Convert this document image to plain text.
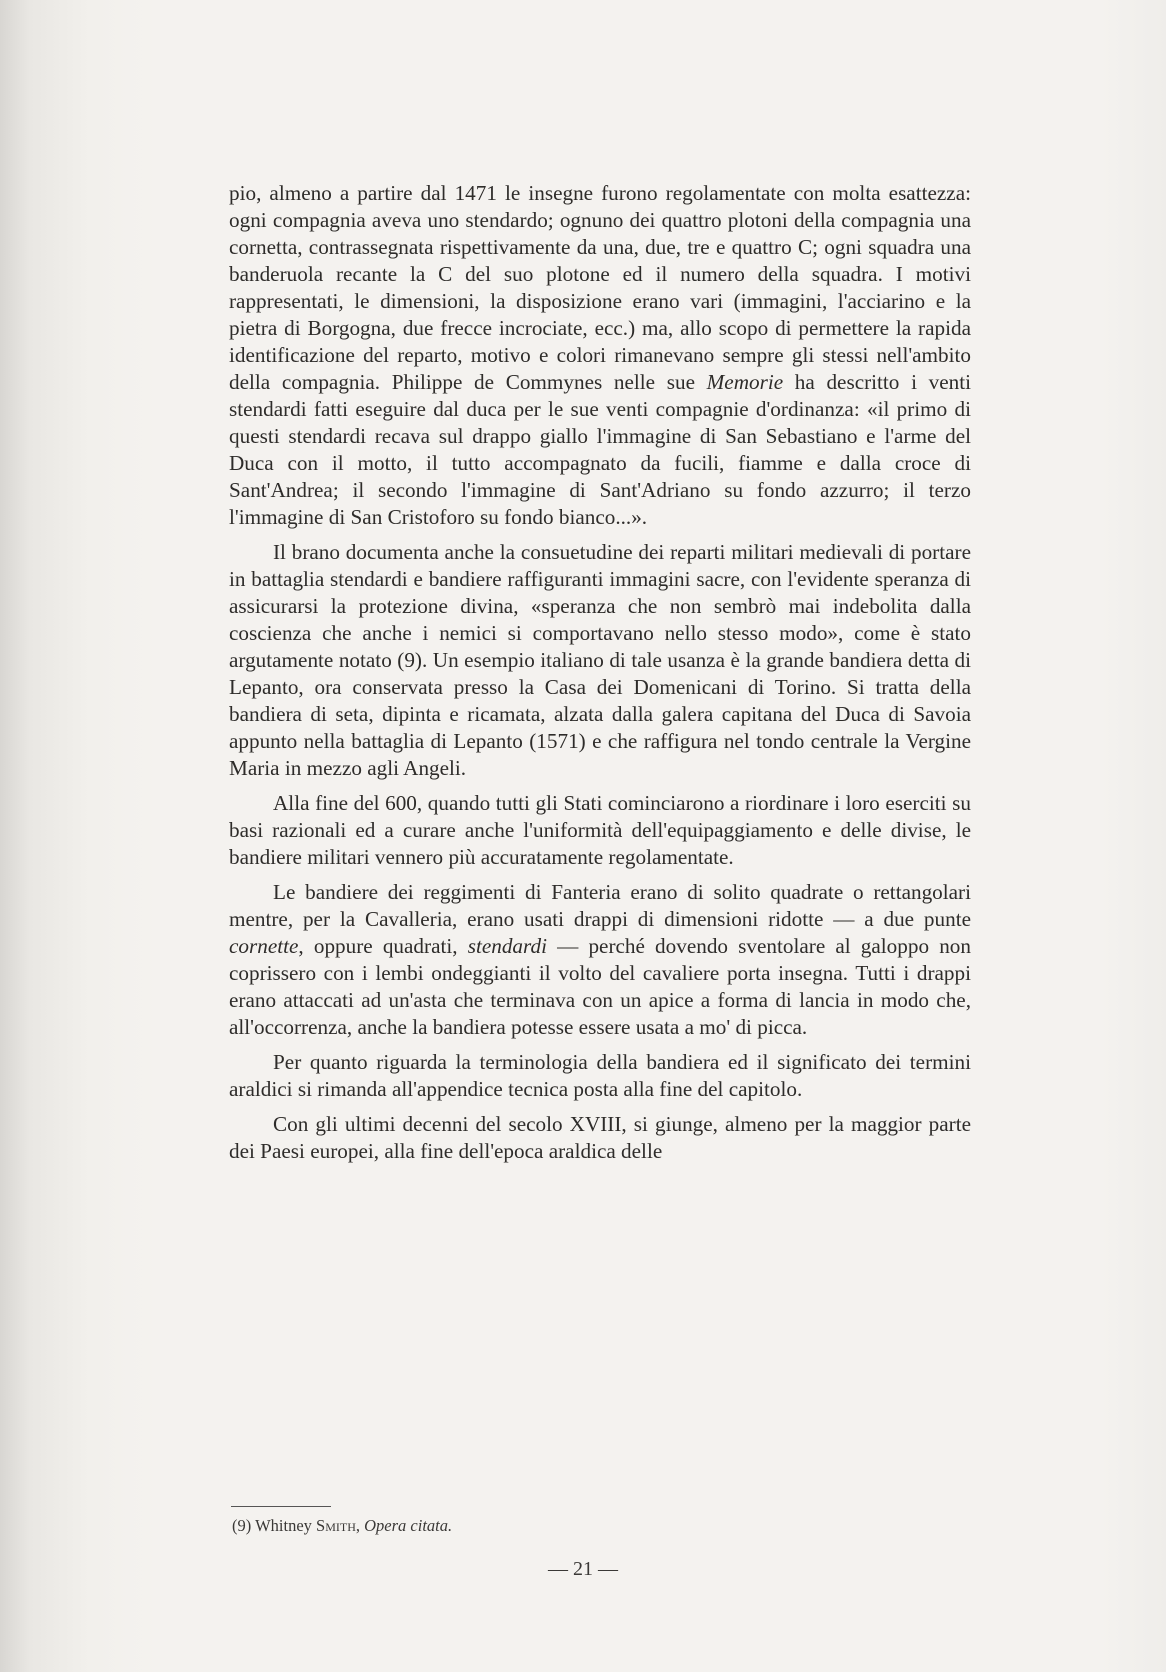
pio, almeno a partire dal 1471 le insegne furono regolamentate con molta esattezza: ogni compagnia aveva uno stendardo; ognuno dei quattro plotoni della compagnia una cornetta, contrassegnata rispettivamente da una, due, tre e quattro C; ogni squadra una banderuola recante la C del suo plotone ed il numero della squadra. I motivi rappresentati, le dimensioni, la disposizione erano vari (immagini, l'acciarino e la pietra di Borgogna, due frecce incrociate, ecc.) ma, allo scopo di permettere la rapida identificazione del reparto, motivo e colori rimanevano sempre gli stessi nell'ambito della compagnia. Philippe de Commynes nelle sue Memorie ha descritto i venti stendardi fatti eseguire dal duca per le sue venti compagnie d'ordinanza: «il primo di questi stendardi recava sul drappo giallo l'immagine di San Sebastiano e l'arme del Duca con il motto, il tutto accompagnato da fucili, fiamme e dalla croce di Sant'Andrea; il secondo l'immagine di Sant'Adriano su fondo azzurro; il terzo l'immagine di San Cristoforo su fondo bianco...».

Il brano documenta anche la consuetudine dei reparti militari medievali di portare in battaglia stendardi e bandiere raffiguranti immagini sacre, con l'evidente speranza di assicurarsi la protezione divina, «speranza che non sembrò mai indebolita dalla coscienza che anche i nemici si comportavano nello stesso modo», come è stato argutamente notato (9). Un esempio italiano di tale usanza è la grande bandiera detta di Lepanto, ora conservata presso la Casa dei Domenicani di Torino. Si tratta della bandiera di seta, dipinta e ricamata, alzata dalla galera capitana del Duca di Savoia appunto nella battaglia di Lepanto (1571) e che raffigura nel tondo centrale la Vergine Maria in mezzo agli Angeli.

Alla fine del 600, quando tutti gli Stati cominciarono a riordinare i loro eserciti su basi razionali ed a curare anche l'uniformità dell'equipaggiamento e delle divise, le bandiere militari vennero più accuratamente regolamentate.

Le bandiere dei reggimenti di Fanteria erano di solito quadrate o rettangolari mentre, per la Cavalleria, erano usati drappi di dimensioni ridotte — a due punte cornette, oppure quadrati, stendardi — perché dovendo sventolare al galoppo non coprissero con i lembi ondeggianti il volto del cavaliere porta insegna. Tutti i drappi erano attaccati ad un'asta che terminava con un apice a forma di lancia in modo che, all'occorrenza, anche la bandiera potesse essere usata a mo' di picca.

Per quanto riguarda la terminologia della bandiera ed il significato dei termini araldici si rimanda all'appendice tecnica posta alla fine del capitolo.

Con gli ultimi decenni del secolo XVIII, si giunge, almeno per la maggior parte dei Paesi europei, alla fine dell'epoca araldica delle

(9) Whitney Smith, Opera citata.
— 21 —
